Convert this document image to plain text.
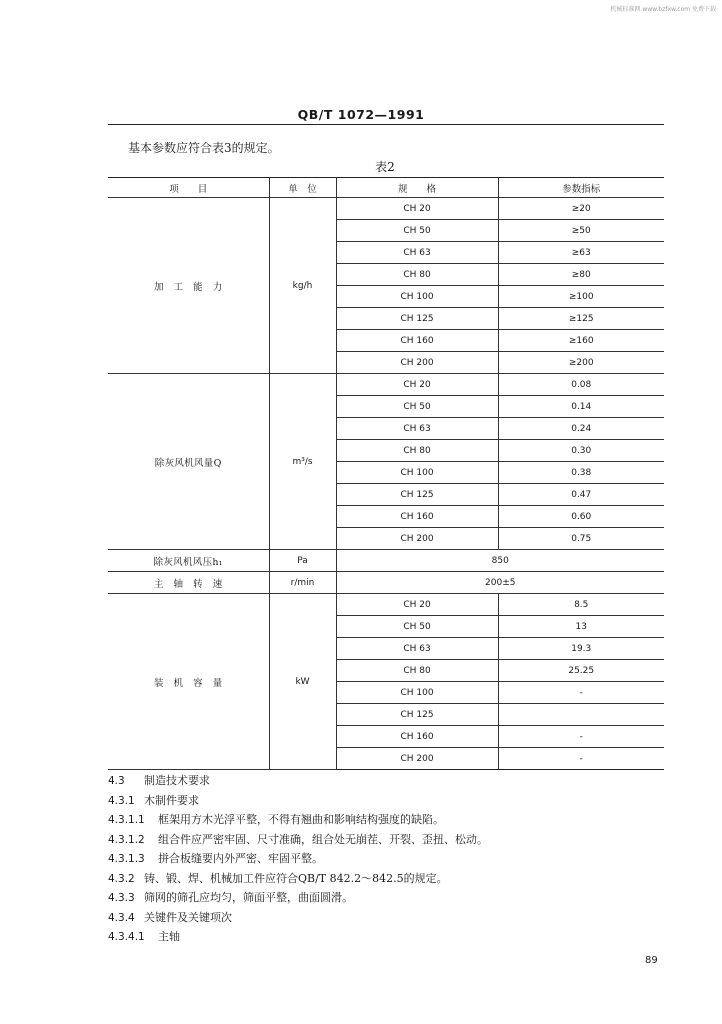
机械标准网 www.bzfxw.com 免费下载
QB/T 1072—1991
基本参数应符合表3的规定。
表2
项　　目	单　位	规　　格	参数指标
加　工　能　力	kg/h	CH 20	≥20
		CH 50	≥50
		CH 63	≥63
		CH 80	≥80
		CH 100	≥100
		CH 125	≥125
		CH 160	≥160
		CH 200	≥200
除灰风机风量Q	m³/s	CH 20	0.08
		CH 50	0.14
		CH 63	0.24
		CH 80	0.30
		CH 100	0.38
		CH 125	0.47
		CH 160	0.60
		CH 200	0.75
除灰风机风压h₁	Pa	850	
主　轴　转　速	r/min	200±5	
装　机　容　量	kW	CH 20	8.5
		CH 50	13
		CH 63	19.3
		CH 80	25.25
		CH 100	-
		CH 125	
		CH 160	-
		CH 200	-
4.3 制造技术要求
4.3.1 木制件要求
4.3.1.1 框架用方木光浮平整，不得有翘曲和影响结构强度的缺陷。
4.3.1.2 组合件应严密牢固、尺寸准确，组合处无崩茬、开裂、歪扭、松动。
4.3.1.3 拼合板缝要内外严密、牢固平整。
4.3.2 铸、锻、焊、机械加工件应符合QB/T 842.2～842.5的规定。
4.3.3 筛网的筛孔应均匀，筛面平整，曲面圆滑。
4.3.4 关键件及关键项次
4.3.4.1 主轴
89
